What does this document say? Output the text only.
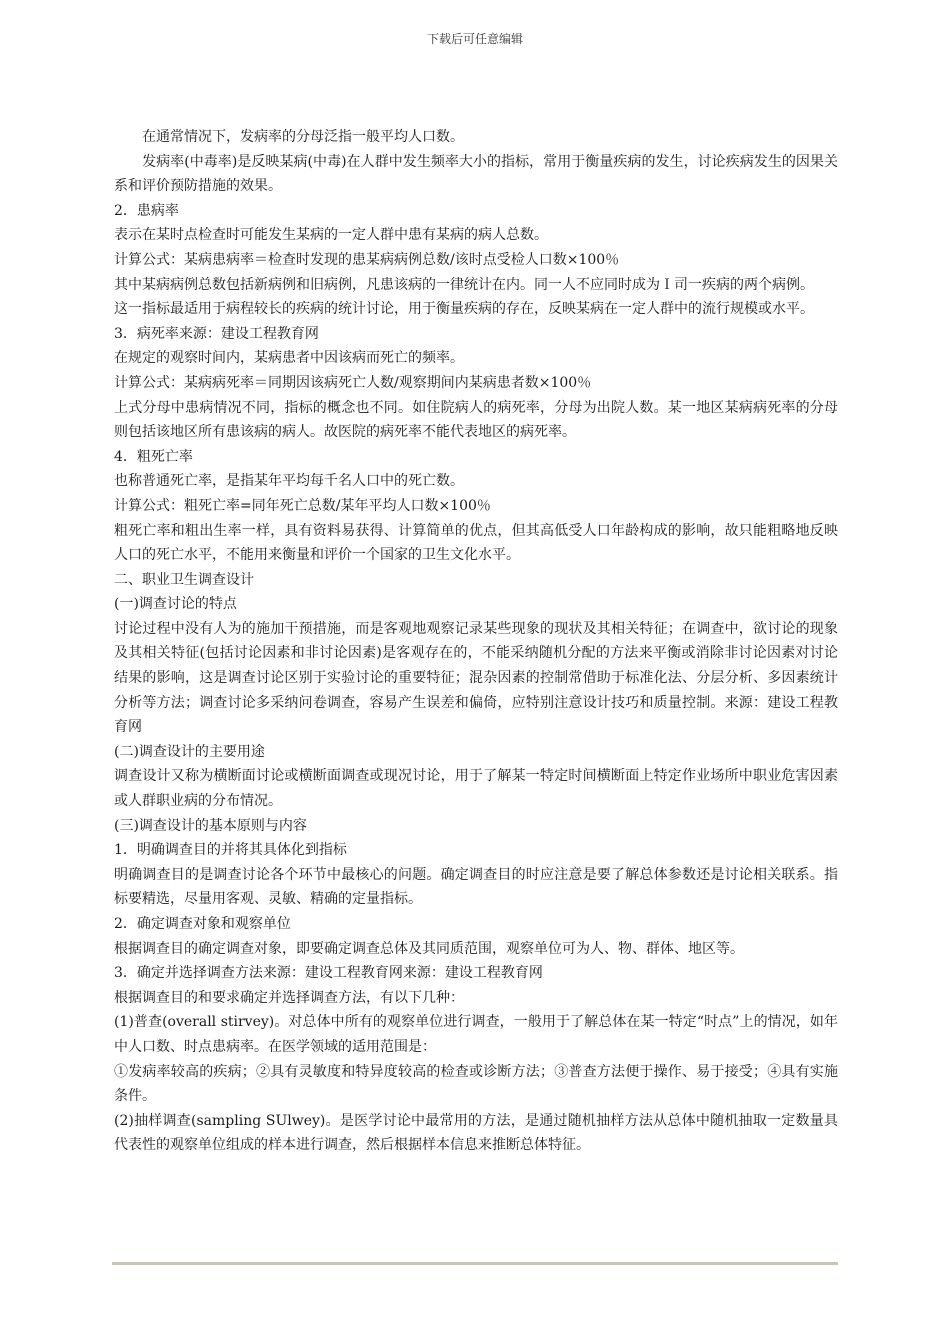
下载后可任意编辑

　　在通常情况下，发病率的分母泛指一般平均人口数。

　　发病率(中毒率)是反映某病(中毒)在人群中发生频率大小的指标，常用于衡量疾病的发生，讨论疾病发生的因果关系和评价预防措施的效果。

2．患病率

表示在某时点检查时可能发生某病的一定人群中患有某病的病人总数。

计算公式：某病患病率＝检查时发现的患某病病例总数/该时点受检人口数×100％

其中某病病例总数包括新病例和旧病例，凡患该病的一律统计在内。同一人不应同时成为Ｉ司一疾病的两个病例。

这一指标最适用于病程较长的疾病的统计讨论，用于衡量疾病的存在，反映某病在一定人群中的流行规模或水平。

3．病死率来源：建设工程教育网

在规定的观察时间内，某病患者中因该病而死亡的频率。

计算公式：某病病死率＝同期因该病死亡人数/观察期间内某病患者数×100％

上式分母中患病情况不同，指标的概念也不同。如住院病人的病死率，分母为出院人数。某一地区某病病死率的分母则包括该地区所有患该病的病人。故医院的病死率不能代表地区的病死率。

4．粗死亡率

也称普通死亡率，是指某年平均每千名人口中的死亡数。

计算公式：粗死亡率=同年死亡总数/某年平均人口数×100％

粗死亡率和粗出生率一样，具有资料易获得、计算简单的优点，但其高低受人口年龄构成的影响，故只能粗略地反映人口的死亡水平，不能用来衡量和评价一个国家的卫生文化水平。

二、职业卫生调查设计

(一)调查讨论的特点

讨论过程中没有人为的施加干预措施，而是客观地观察记录某些现象的现状及其相关特征；在调查中，欲讨论的现象及其相关特征(包括讨论因素和非讨论因素)是客观存在的，不能采纳随机分配的方法来平衡或消除非讨论因素对讨论结果的影响，这是调查讨论区别于实验讨论的重要特征；混杂因素的控制常借助于标准化法、分层分析、多因素统计分析等方法；调查讨论多采纳问卷调查，容易产生误差和偏倚，应特别注意设计技巧和质量控制。来源：建设工程教育网

(二)调查设计的主要用途

调查设计又称为横断面讨论或横断面调查或现况讨论，用于了解某一特定时间横断面上特定作业场所中职业危害因素或人群职业病的分布情况。

(三)调查设计的基本原则与内容

1．明确调查目的并将其具体化到指标

明确调查目的是调查讨论各个环节中最核心的问题。确定调查目的时应注意是要了解总体参数还是讨论相关联系。指标要精选，尽量用客观、灵敏、精确的定量指标。

2．确定调查对象和观察单位

根据调查目的确定调查对象，即要确定调查总体及其同质范围，观察单位可为人、物、群体、地区等。

3．确定并选择调查方法来源：建设工程教育网来源：建设工程教育网

根据调查目的和要求确定并选择调查方法，有以下几种：

(1)普查(overall stirvey)。对总体中所有的观察单位进行调查，一般用于了解总体在某一特定“时点”上的情况，如年中人口数、时点患病率。在医学领域的适用范围是：

①发病率较高的疾病；②具有灵敏度和特异度较高的检查或诊断方法；③普查方法便于操作、易于接受；④具有实施条件。

(2)抽样调查(sampling SUlwey)。是医学讨论中最常用的方法，是通过随机抽样方法从总体中随机抽取一定数量具代表性的观察单位组成的样本进行调查，然后根据样本信息来推断总体特征。
